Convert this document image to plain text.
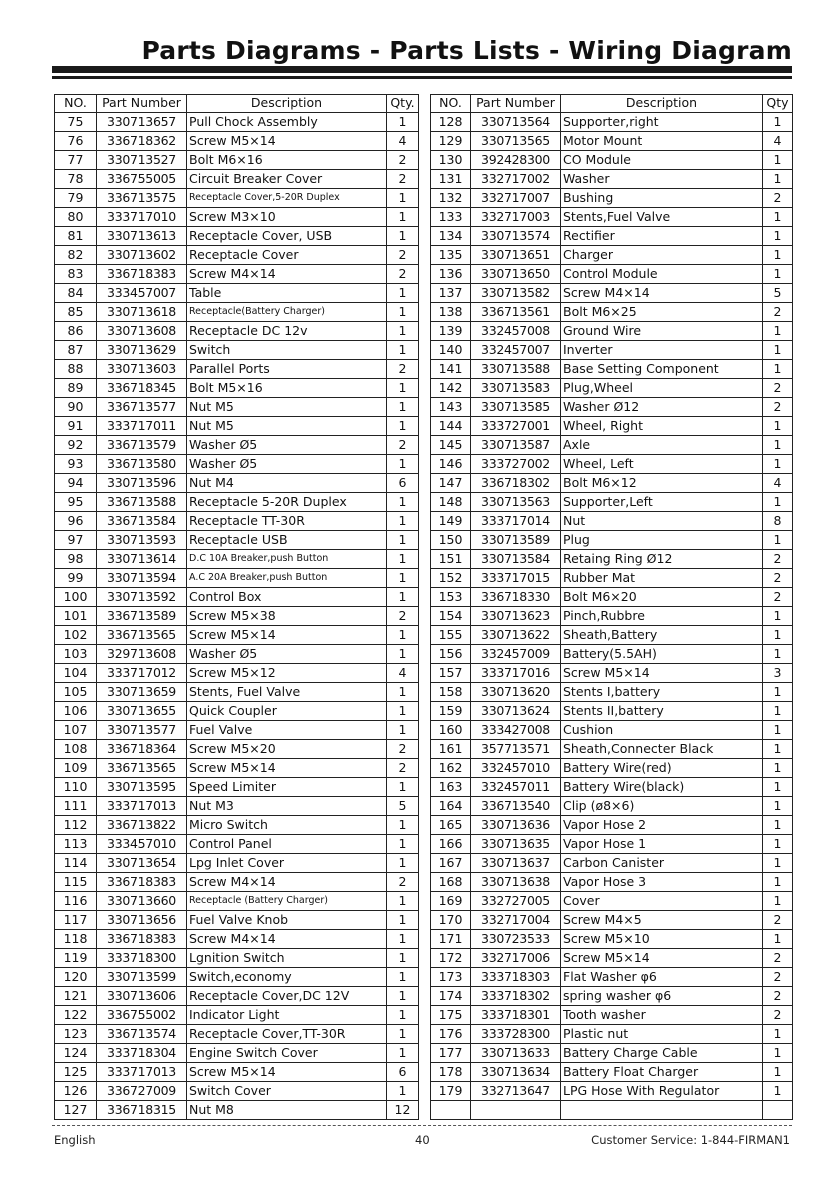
Parts Diagrams - Parts Lists - Wiring Diagram
NO.	Part Number	Description	Qty.
75	330713657	Pull Chock Assembly	1
76	336718362	Screw M5×14	4
77	330713527	Bolt M6×16	2
78	336755005	Circuit Breaker Cover	2
79	336713575	Receptacle Cover,5-20R Duplex	1
80	333717010	Screw M3×10	1
81	330713613	Receptacle Cover, USB	1
82	330713602	Receptacle Cover	2
83	336718383	Screw M4×14	2
84	333457007	Table	1
85	330713618	Receptacle(Battery Charger)	1
86	330713608	Receptacle DC 12v	1
87	330713629	Switch	1
88	330713603	Parallel Ports	2
89	336718345	Bolt M5×16	1
90	336713577	Nut M5	1
91	333717011	Nut M5	1
92	336713579	Washer Ø5	2
93	336713580	Washer Ø5	1
94	330713596	Nut M4	6
95	336713588	Receptacle 5-20R Duplex	1
96	336713584	Receptacle TT-30R	1
97	330713593	Receptacle USB	1
98	330713614	D.C 10A Breaker,push Button	1
99	330713594	A.C 20A Breaker,push Button	1
100	330713592	Control Box	1
101	336713589	Screw M5×38	2
102	336713565	Screw M5×14	1
103	329713608	Washer Ø5	1
104	333717012	Screw M5×12	4
105	330713659	Stents, Fuel Valve	1
106	330713655	Quick Coupler	1
107	330713577	Fuel Valve	1
108	336718364	Screw M5×20	2
109	336713565	Screw M5×14	2
110	330713595	Speed Limiter	1
111	333717013	Nut M3	5
112	336713822	Micro Switch	1
113	333457010	Control Panel	1
114	330713654	Lpg Inlet Cover	1
115	336718383	Screw M4×14	2
116	330713660	Receptacle (Battery Charger)	1
117	330713656	Fuel Valve Knob	1
118	336718383	Screw M4×14	1
119	333718300	Lgnition Switch	1
120	330713599	Switch,economy	1
121	330713606	Receptacle Cover,DC 12V	1
122	336755002	Indicator Light	1
123	336713574	Receptacle Cover,TT-30R	1
124	333718304	Engine Switch Cover	1
125	333717013	Screw M5×14	6
126	336727009	Switch Cover	1
127	336718315	Nut M8	12
NO.	Part Number	Description	Qty
128	330713564	Supporter,right	1
129	330713565	Motor Mount	4
130	392428300	CO Module	1
131	332717002	Washer	1
132	332717007	Bushing	2
133	332717003	Stents,Fuel Valve	1
134	330713574	Rectifier	1
135	330713651	Charger	1
136	330713650	Control Module	1
137	330713582	Screw M4×14	5
138	336713561	Bolt M6×25	2
139	332457008	Ground Wire	1
140	332457007	Inverter	1
141	330713588	Base Setting Component	1
142	330713583	Plug,Wheel	2
143	330713585	Washer Ø12	2
144	333727001	Wheel, Right	1
145	330713587	Axle	1
146	333727002	Wheel, Left	1
147	336718302	Bolt M6×12	4
148	330713563	Supporter,Left	1
149	333717014	Nut	8
150	330713589	Plug	1
151	330713584	Retaing Ring Ø12	2
152	333717015	Rubber Mat	2
153	336718330	Bolt M6×20	2
154	330713623	Pinch,Rubbre	1
155	330713622	Sheath,Battery	1
156	332457009	Battery(5.5AH)	1
157	333717016	Screw M5×14	3
158	330713620	Stents I,battery	1
159	330713624	Stents II,battery	1
160	333427008	Cushion	1
161	357713571	Sheath,Connecter Black	1
162	332457010	Battery Wire(red)	1
163	332457011	Battery Wire(black)	1
164	336713540	Clip (ø8×6)	1
165	330713636	Vapor Hose 2	1
166	330713635	Vapor Hose 1	1
167	330713637	Carbon Canister	1
168	330713638	Vapor Hose 3	1
169	332727005	Cover	1
170	332717004	Screw M4×5	2
171	330723533	Screw M5×10	1
172	332717006	Screw M5×14	2
173	333718303	Flat Washer φ6	2
174	333718302	spring washer φ6	2
175	333718301	Tooth washer	2
176	333728300	Plastic nut	1
177	330713633	Battery Charge Cable	1
178	330713634	Battery Float Charger	1
179	332713647	LPG Hose With Regulator	1

English	40	Customer Service: 1-844-FIRMAN1
